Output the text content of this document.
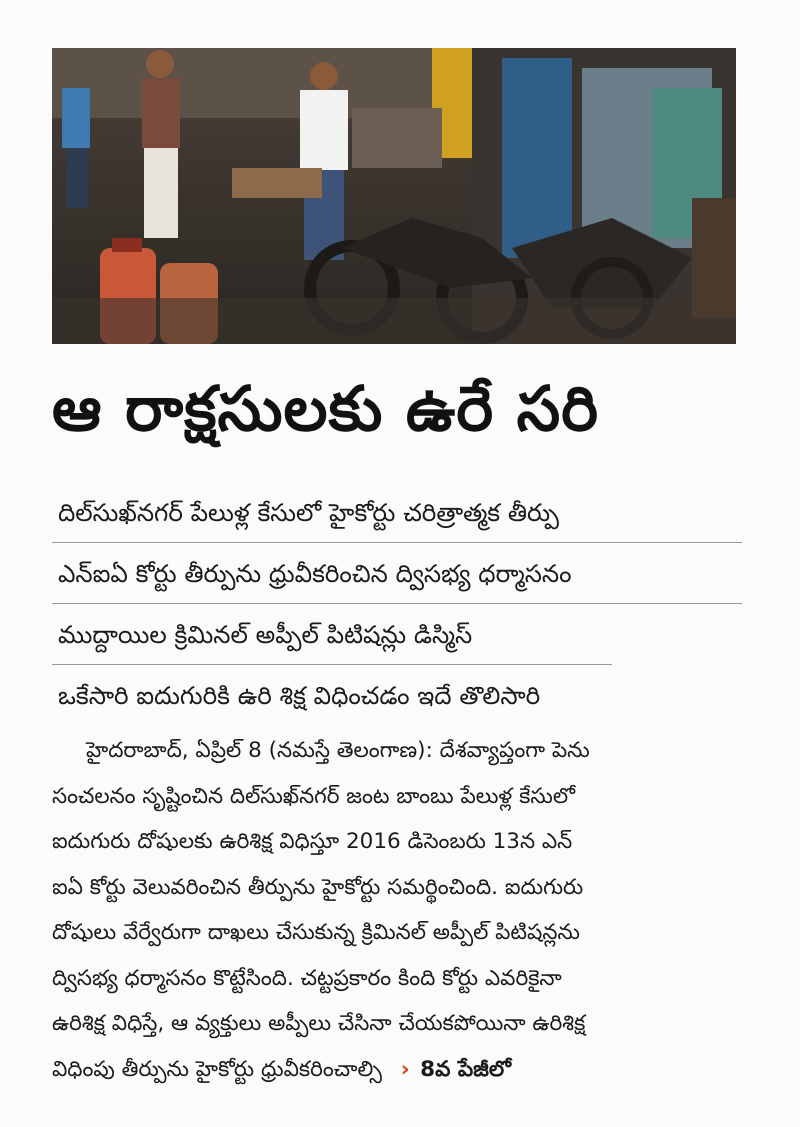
ఆ రాక్షసులకు ఉరే సరి
దిల్‌సుఖ్‌నగర్ పేలుళ్ల కేసులో హైకోర్టు చరిత్రాత్మక తీర్పు
ఎన్ఐఏ కోర్టు తీర్పును ధ్రువీకరించిన ద్విసభ్య ధర్మాసనం
ముద్దాయిల క్రిమినల్ అప్పీల్ పిటిషన్లు డిస్మిస్
ఒకేసారి ఐదుగురికి ఉరి శిక్ష విధించడం ఇదే తొలిసారి
హైదరాబాద్, ఏప్రిల్ 8 (నమస్తే తెలంగాణ): దేశవ్యాప్తంగా పెను
సంచలనం సృష్టించిన దిల్‌సుఖ్‌నగర్ జంట బాంబు పేలుళ్ల కేసులో
ఐదుగురు దోషులకు ఉరిశిక్ష విధిస్తూ 2016 డిసెంబరు 13న ఎన్
ఐఏ కోర్టు వెలువరించిన తీర్పును హైకోర్టు సమర్థించింది. ఐదుగురు
దోషులు వేర్వేరుగా దాఖలు చేసుకున్న క్రిమినల్ అప్పీల్ పిటిషన్లను
ద్విసభ్య ధర్మాసనం కొట్టేసింది. చట్టప్రకారం కింది కోర్టు ఎవరికైనా
ఉరిశిక్ష విధిస్తే, ఆ వ్యక్తులు అప్పీలు చేసినా చేయకపోయినా ఉరిశిక్ష
విధింపు తీర్పును హైకోర్టు ధ్రువీకరించాల్సి › 8వ పేజీలో
